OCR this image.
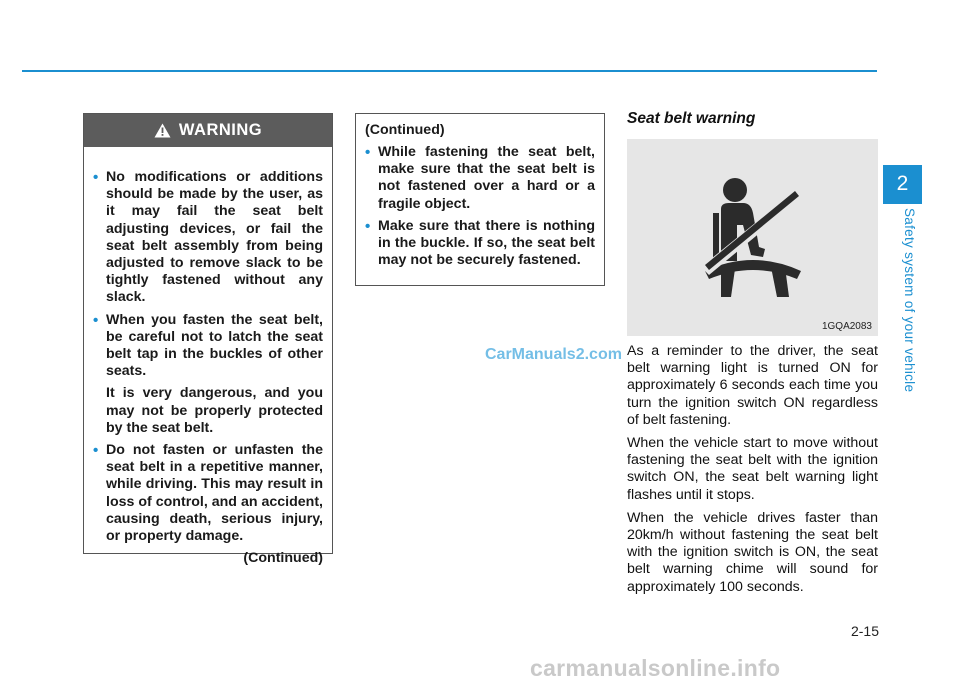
2
Safety system of your vehicle
WARNING
• No modifications or additions should be made by the user, as it may fail the seat belt adjusting devices, or fail the seat belt assembly from being adjusted to remove slack to be tightly fastened without any slack.
• When you fasten the seat belt, be careful not to latch the seat belt tap in the buckles of other seats.

It is very dangerous, and you may not be properly protected by the seat belt.

• Do not fasten or unfasten the seat belt in a repetitive manner, while driving. This may result in loss of control, and an accident, causing death, serious injury, or property damage.
(Continued)
(Continued)
• While fastening the seat belt, make sure that the seat belt is not fastened over a hard or a fragile object.
• Make sure that there is nothing in the buckle. If so, the seat belt may not be securely fastened.
Seat belt warning
1GQA2083

As a reminder to the driver, the seat belt warning light is turned ON for approximately 6 seconds each time you turn the ignition switch ON regardless of belt fastening.

When the vehicle start to move without fastening the seat belt with the ignition switch ON, the seat belt warning light flashes until it stops.

When the vehicle drives faster than 20km/h without fastening the seat belt with the ignition switch is ON, the seat belt warning chime will sound for approximately 100 seconds.

CarManuals2.com
2-15
carmanualsonline.info
